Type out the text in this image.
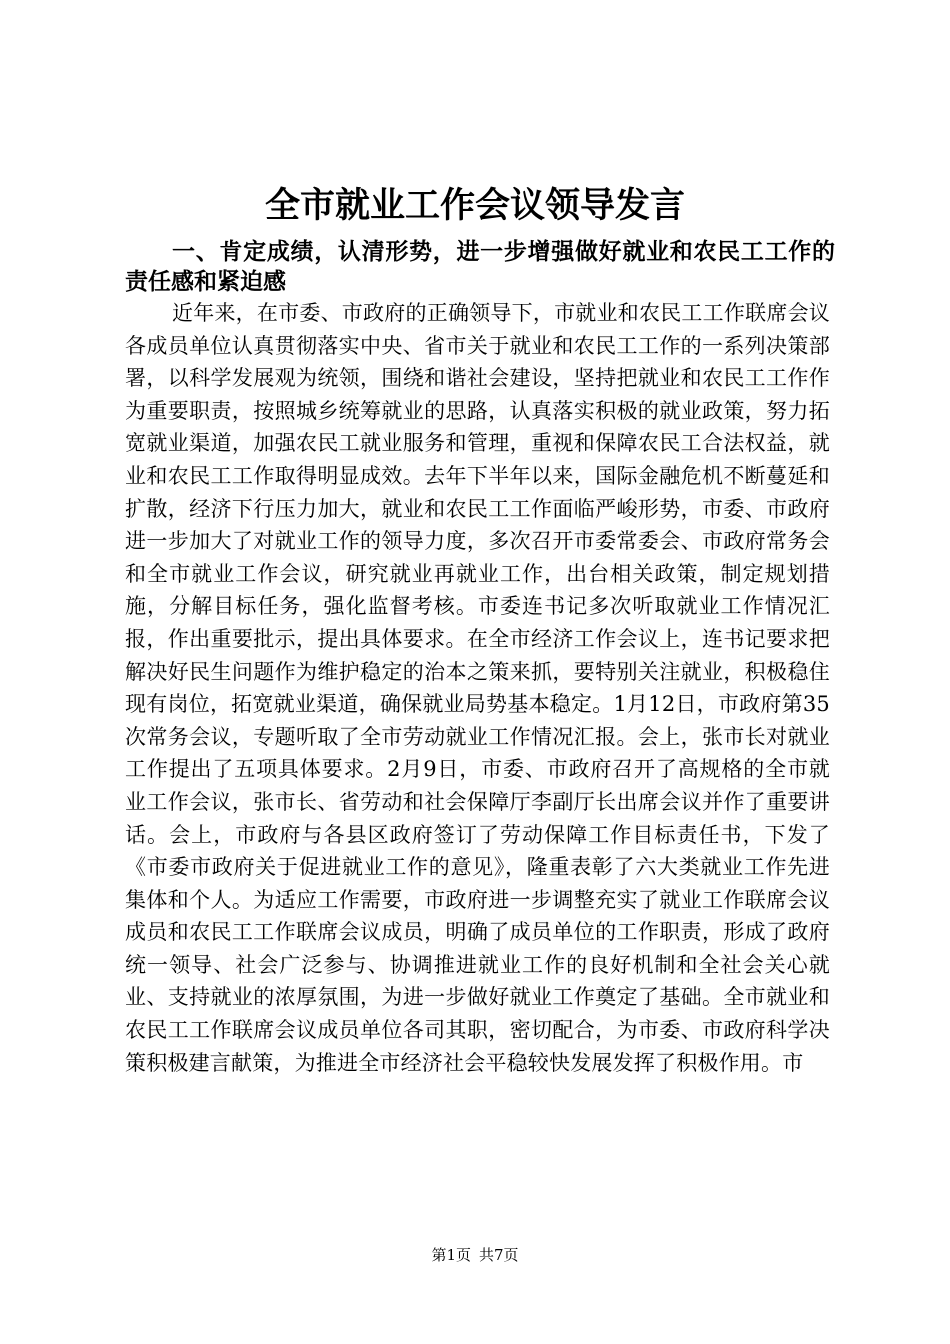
全市就业工作会议领导发言
一、肯定成绩，认清形势，进一步增强做好就业和农民工工作的责任感和紧迫感

近年来，在市委、市政府的正确领导下，市就业和农民工工作联席会议各成员单位认真贯彻落实中央、省市关于就业和农民工工作的一系列决策部署，以科学发展观为统领，围绕和谐社会建设，坚持把就业和农民工工作作为重要职责，按照城乡统筹就业的思路，认真落实积极的就业政策，努力拓宽就业渠道，加强农民工就业服务和管理，重视和保障农民工合法权益，就业和农民工工作取得明显成效。去年下半年以来，国际金融危机不断蔓延和扩散，经济下行压力加大，就业和农民工工作面临严峻形势，市委、市政府进一步加大了对就业工作的领导力度，多次召开市委常委会、市政府常务会和全市就业工作会议，研究就业再就业工作，出台相关政策，制定规划措施，分解目标任务，强化监督考核。市委连书记多次听取就业工作情况汇报，作出重要批示，提出具体要求。在全市经济工作会议上，连书记要求把解决好民生问题作为维护稳定的治本之策来抓，要特别关注就业，积极稳住现有岗位，拓宽就业渠道，确保就业局势基本稳定。1月12日，市政府第35次常务会议，专题听取了全市劳动就业工作情况汇报。会上，张市长对就业工作提出了五项具体要求。2月9日，市委、市政府召开了高规格的全市就业工作会议，张市长、省劳动和社会保障厅李副厅长出席会议并作了重要讲话。会上，市政府与各县区政府签订了劳动保障工作目标责任书，下发了《市委市政府关于促进就业工作的意见》，隆重表彰了六大类就业工作先进集体和个人。为适应工作需要，市政府进一步调整充实了就业工作联席会议成员和农民工工作联席会议成员，明确了成员单位的工作职责，形成了政府统一领导、社会广泛参与、协调推进就业工作的良好机制和全社会关心就业、支持就业的浓厚氛围，为进一步做好就业工作奠定了基础。全市就业和农民工工作联席会议成员单位各司其职，密切配合，为市委、市政府科学决策积极建言献策，为推进全市经济社会平稳较快发展发挥了积极作用。市

第1页 共7页
